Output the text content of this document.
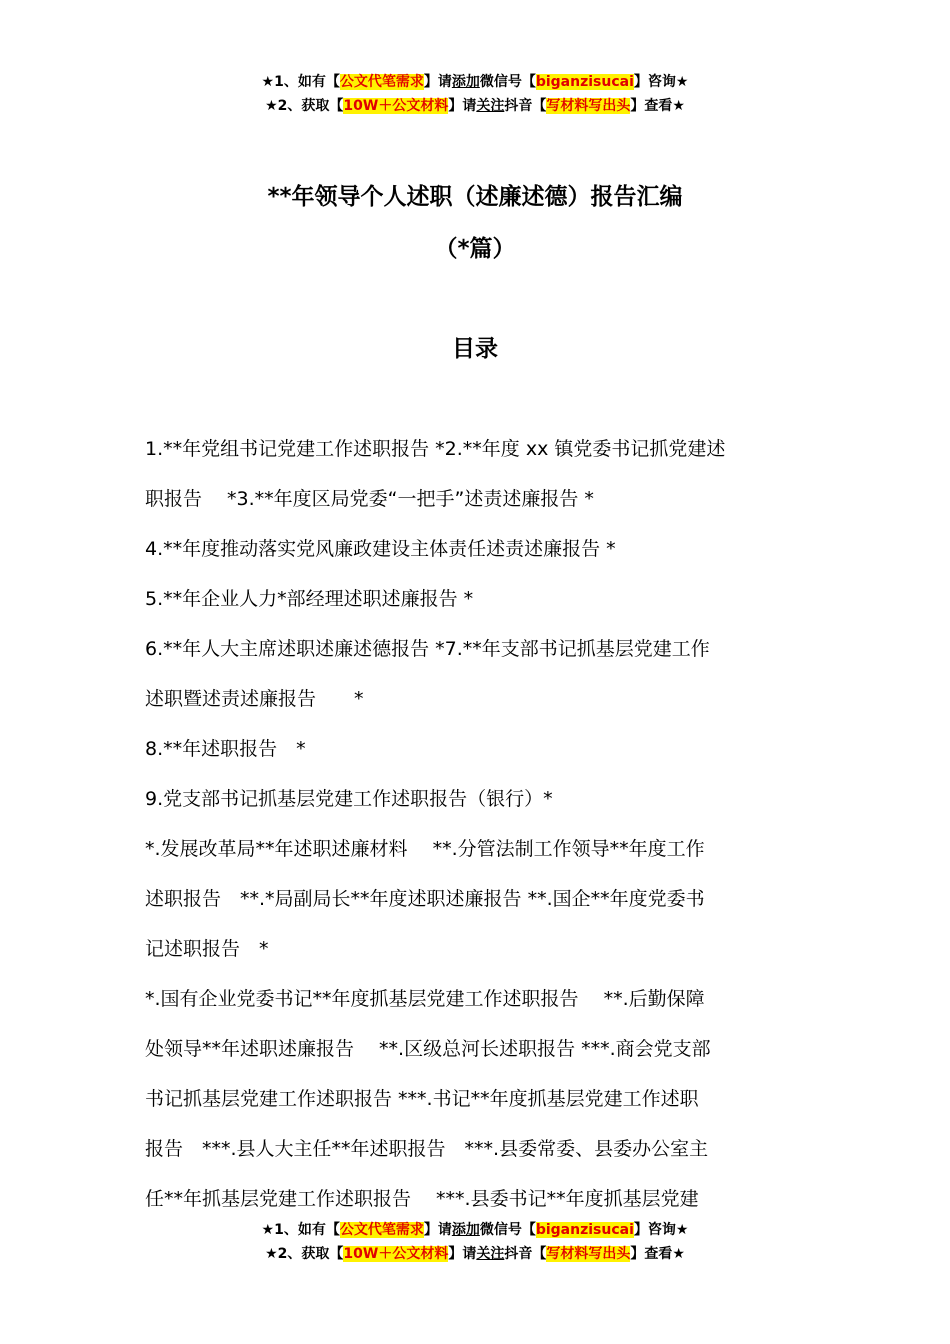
★1、如有【公文代笔需求】请添加微信号【biganzisucai】咨询★
★2、获取【10W＋公文材料】请关注抖音【写材料写出头】查看★
**年领导个人述职（述廉述德）报告汇编
（*篇）
目录

1.**年党组书记党建工作述职报告 *2.**年度 xx 镇党委书记抓党建述

职报告　 *3.**年度区局党委“一把手”述责述廉报告 *

4.**年度推动落实党风廉政建设主体责任述责述廉报告 *

5.**年企业人力*部经理述职述廉报告 *

6.**年人大主席述职述廉述德报告 *7.**年支部书记抓基层党建工作

述职暨述责述廉报告　　*

8.**年述职报告　*

9.党支部书记抓基层党建工作述职报告（银行）*

*.发展改革局**年述职述廉材料　 **.分管法制工作领导**年度工作

述职报告　**.*局副局长**年度述职述廉报告 **.国企**年度党委书

记述职报告　*

*.国有企业党委书记**年度抓基层党建工作述职报告　 **.后勤保障

处领导**年述职述廉报告　 **.区级总河长述职报告 ***.商会党支部

书记抓基层党建工作述职报告 ***.书记**年度抓基层党建工作述职

报告　***.县人大主任**年述职报告　***.县委常委、县委办公室主

任**年抓基层党建工作述职报告　 ***.县委书记**年度抓基层党建

★1、如有【公文代笔需求】请添加微信号【biganzisucai】咨询★
★2、获取【10W＋公文材料】请关注抖音【写材料写出头】查看★
